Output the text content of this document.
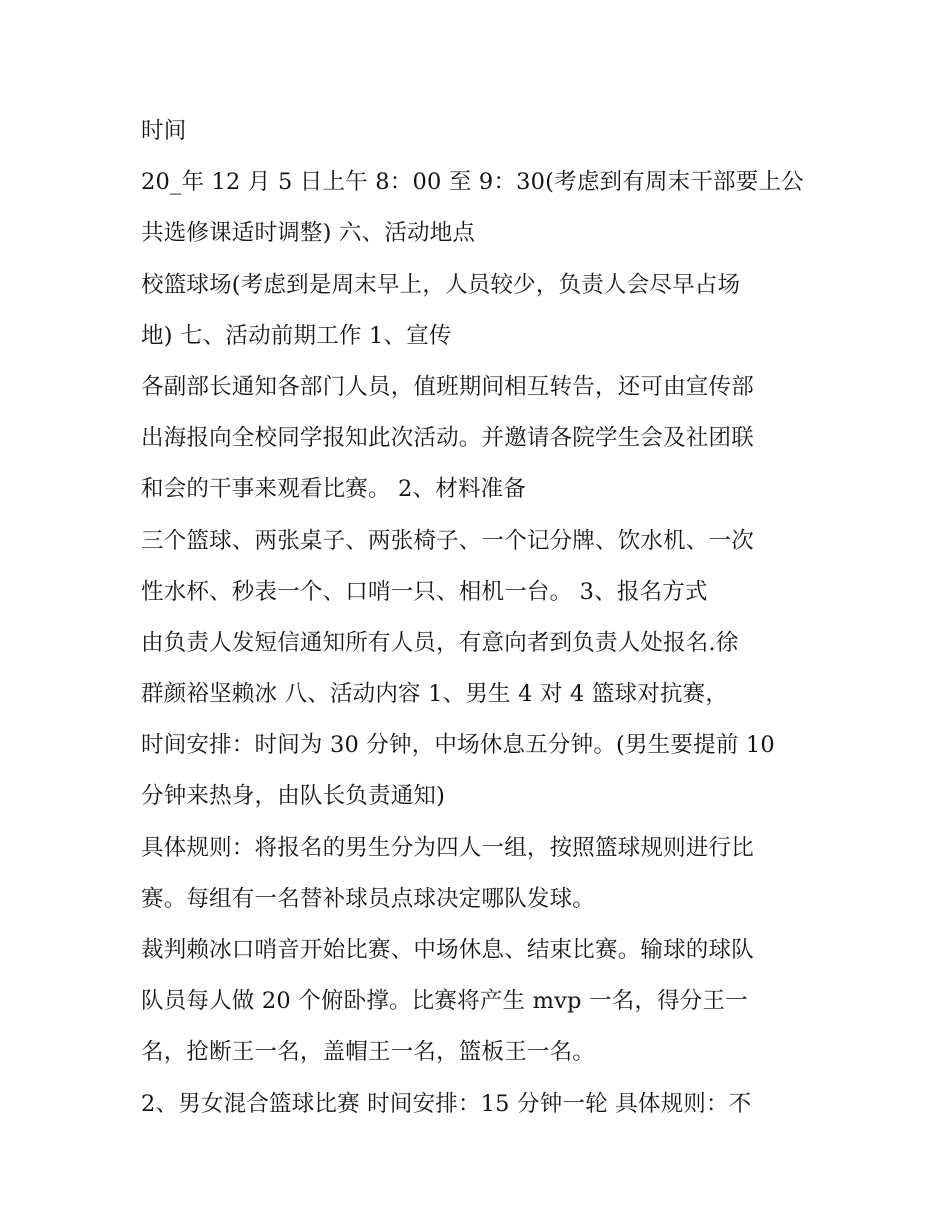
时间
20_年 12 月 5 日上午 8：00 至 9：30(考虑到有周末干部要上公
共选修课适时调整) 六、活动地点
校篮球场(考虑到是周末早上，人员较少，负责人会尽早占场
地) 七、活动前期工作 1、宣传
各副部长通知各部门人员，值班期间相互转告，还可由宣传部
出海报向全校同学报知此次活动。并邀请各院学生会及社团联
和会的干事来观看比赛。 2、材料准备
三个篮球、两张桌子、两张椅子、一个记分牌、饮水机、一次
性水杯、秒表一个、口哨一只、相机一台。 3、报名方式
由负责人发短信通知所有人员，有意向者到负责人处报名.徐
群颜裕坚赖冰 八、活动内容 1、男生 4 对 4 篮球对抗赛，
时间安排：时间为 30 分钟，中场休息五分钟。(男生要提前 10
分钟来热身，由队长负责通知)
具体规则：将报名的男生分为四人一组，按照篮球规则进行比
赛。每组有一名替补球员点球决定哪队发球。
裁判赖冰口哨音开始比赛、中场休息、结束比赛。输球的球队
队员每人做 20 个俯卧撑。比赛将产生 mvp 一名，得分王一
名，抢断王一名，盖帽王一名，篮板王一名。
2、男女混合篮球比赛 时间安排：15 分钟一轮 具体规则：不
